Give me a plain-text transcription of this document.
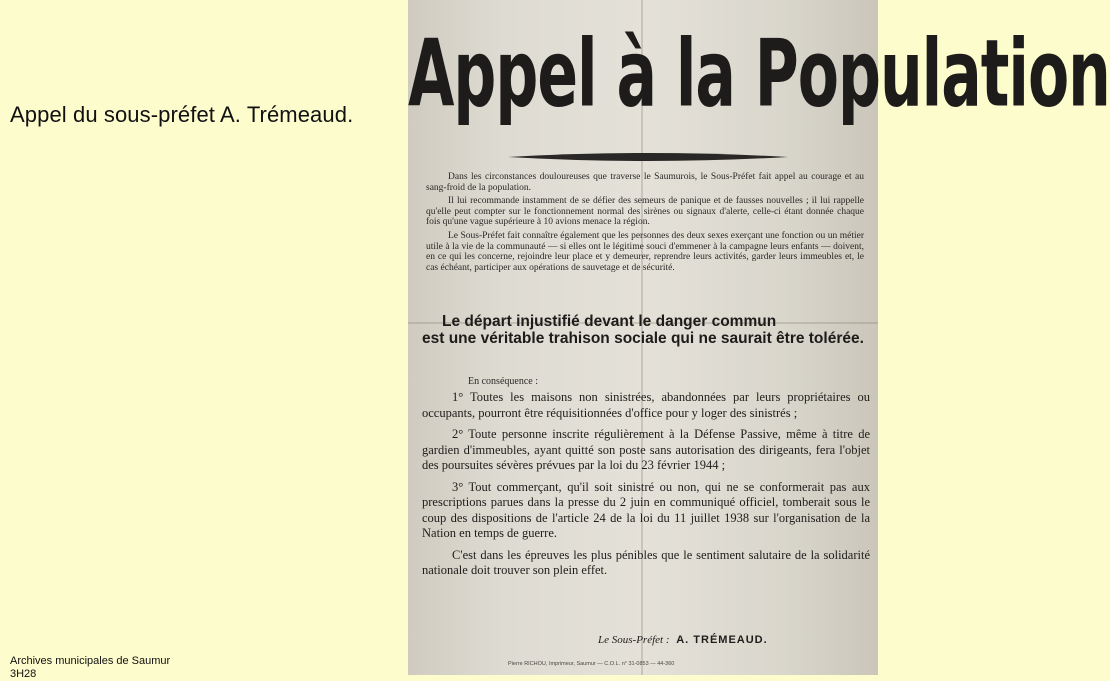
Appel du sous-préfet A. Trémeaud.
Archives municipales de Saumur
3H28
Appel à la Population

Dans les circonstances douloureuses que traverse le Saumurois, le Sous-Préfet fait appel au courage et au sang-froid de la population.

Il lui recommande instamment de se défier des semeurs de panique et de fausses nouvelles ; il lui rappelle qu'elle peut compter sur le fonctionnement normal des sirènes ou signaux d'alerte, celle-ci étant donnée chaque fois qu'une vague supérieure à 10 avions menace la région.

Le Sous-Préfet fait connaître également que les personnes des deux sexes exerçant une fonction ou un métier utile à la vie de la communauté — si elles ont le légitime souci d'emmener à la campagne leurs enfants — doivent, en ce qui les concerne, rejoindre leur place et y demeurer, reprendre leurs activités, garder leurs immeubles et, le cas échéant, participer aux opérations de sauvetage et de sécurité.

Le départ injustifié devant le danger commun
est une véritable trahison sociale qui ne saurait être tolérée.
En conséquence :

1° Toutes les maisons non sinistrées, abandonnées par leurs propriétaires ou occupants, pourront être réquisitionnées d'office pour y loger des sinistrés ;

2° Toute personne inscrite régulièrement à la Défense Passive, même à titre de gardien d'immeubles, ayant quitté son poste sans autorisation des dirigeants, fera l'objet des poursuites sévères prévues par la loi du 23 février 1944 ;

3° Tout commerçant, qu'il soit sinistré ou non, qui ne se conformerait pas aux prescriptions parues dans la presse du 2 juin en communiqué officiel, tomberait sous le coup des dispositions de l'article 24 de la loi du 11 juillet 1938 sur l'organisation de la Nation en temps de guerre.

C'est dans les épreuves les plus pénibles que le sentiment salutaire de la solidarité nationale doit trouver son plein effet.

Le Sous-Préfet : A. TRÉMEAUD.
Pierre RICHOU, Imprimeur, Saumur — C.O.L. n° 31-0853 — 44-360
